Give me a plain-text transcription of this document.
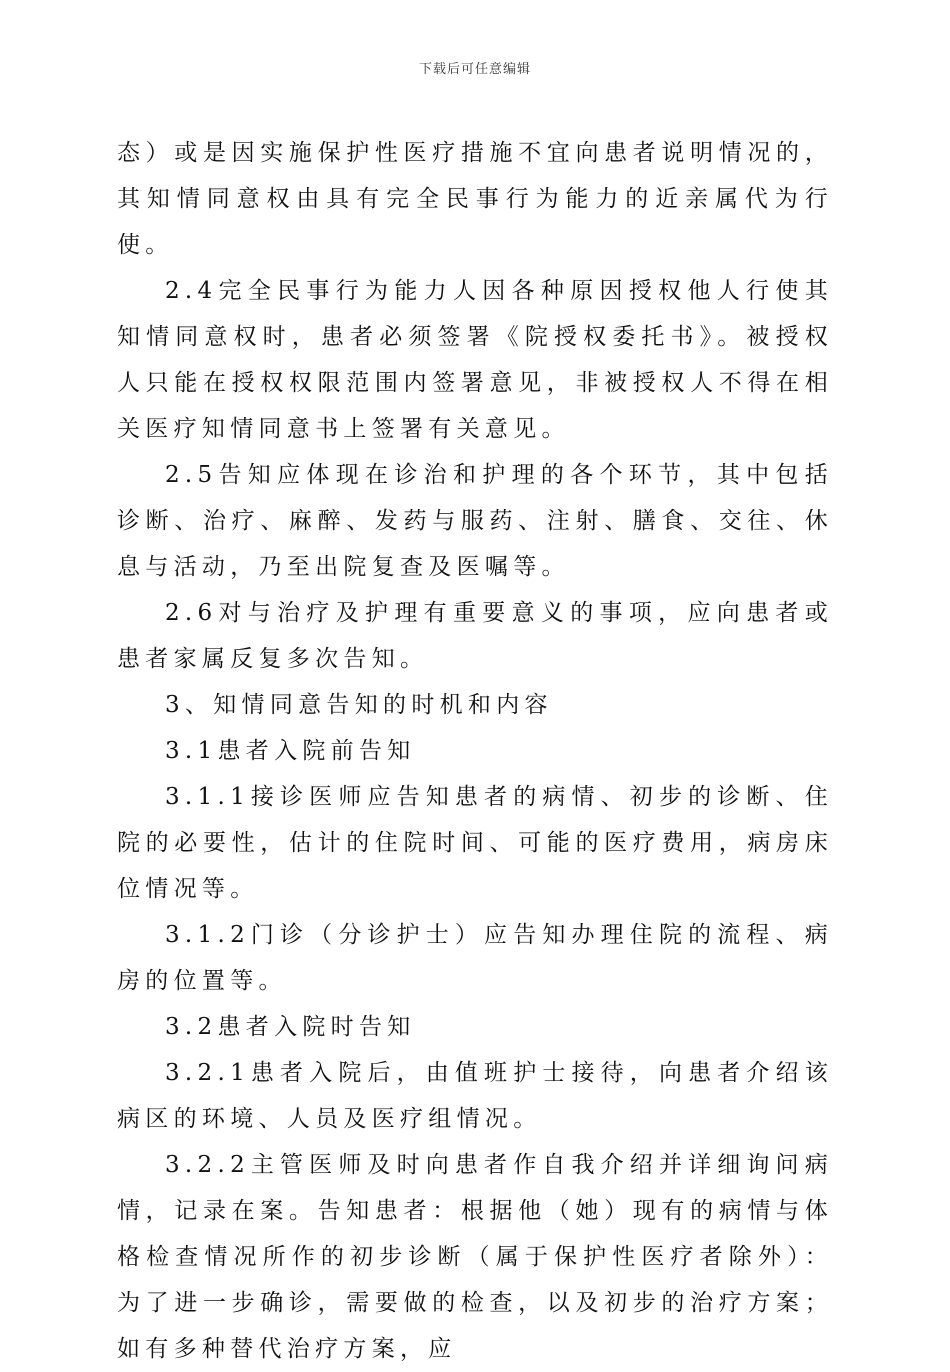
下载后可任意编辑

态）或是因实施保护性医疗措施不宜向患者说明情况的，其知情同意权由具有完全民事行为能力的近亲属代为行使。

2.4完全民事行为能力人因各种原因授权他人行使其知情同意权时，患者必须签署《院授权委托书》。被授权人只能在授权权限范围内签署意见，非被授权人不得在相关医疗知情同意书上签署有关意见。

2.5告知应体现在诊治和护理的各个环节，其中包括诊断、治疗、麻醉、发药与服药、注射、膳食、交往、休息与活动，乃至出院复查及医嘱等。

2.6对与治疗及护理有重要意义的事项，应向患者或患者家属反复多次告知。

3、知情同意告知的时机和内容

3.1患者入院前告知

3.1.1接诊医师应告知患者的病情、初步的诊断、住院的必要性，估计的住院时间、可能的医疗费用，病房床位情况等。

3.1.2门诊（分诊护士）应告知办理住院的流程、病房的位置等。

3.2患者入院时告知

3.2.1患者入院后，由值班护士接待，向患者介绍该病区的环境、人员及医疗组情况。

3.2.2主管医师及时向患者作自我介绍并详细询问病情，记录在案。告知患者：根据他（她）现有的病情与体格检查情况所作的初步诊断（属于保护性医疗者除外）：为了进一步确诊，需要做的检查，以及初步的治疗方案；如有多种替代治疗方案，应
